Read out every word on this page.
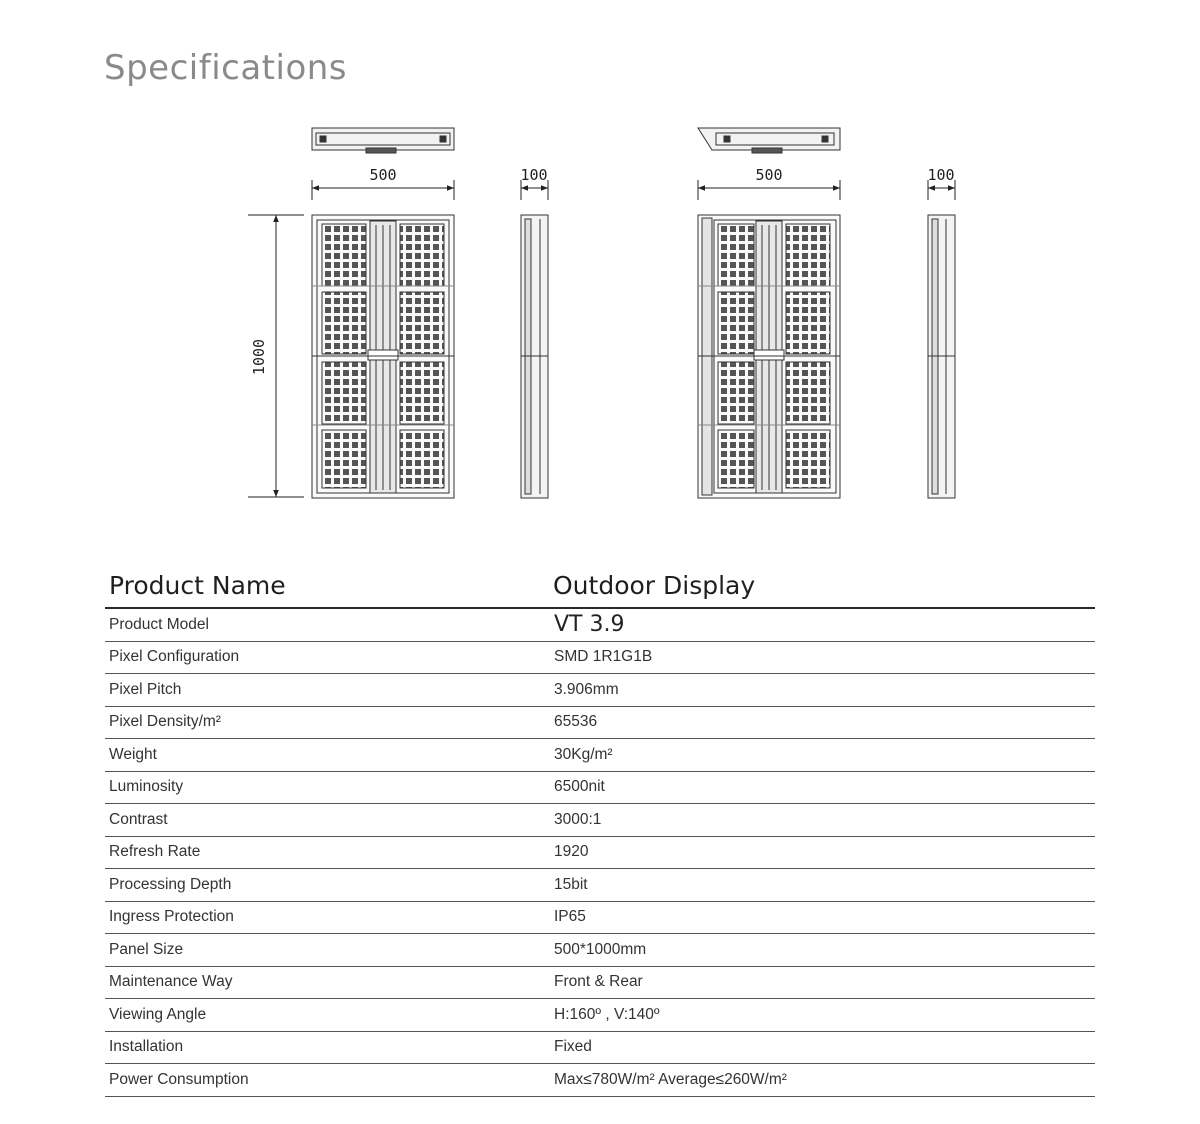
Specifications
500
1000
100	500	100
Product Name	Outdoor Display
Product Model	VT 3.9
Pixel Configuration	SMD 1R1G1B
Pixel Pitch	3.906mm
Pixel Density/m²	65536
Weight	30Kg/m²
Luminosity	6500nit
Contrast	3000:1
Refresh Rate	1920
Processing Depth	15bit
Ingress Protection	IP65
Panel Size	500*1000mm
Maintenance Way	Front & Rear
Viewing Angle	H:160º , V:140º
Installation	Fixed
Power Consumption	Max≤780W/m² Average≤260W/m²
